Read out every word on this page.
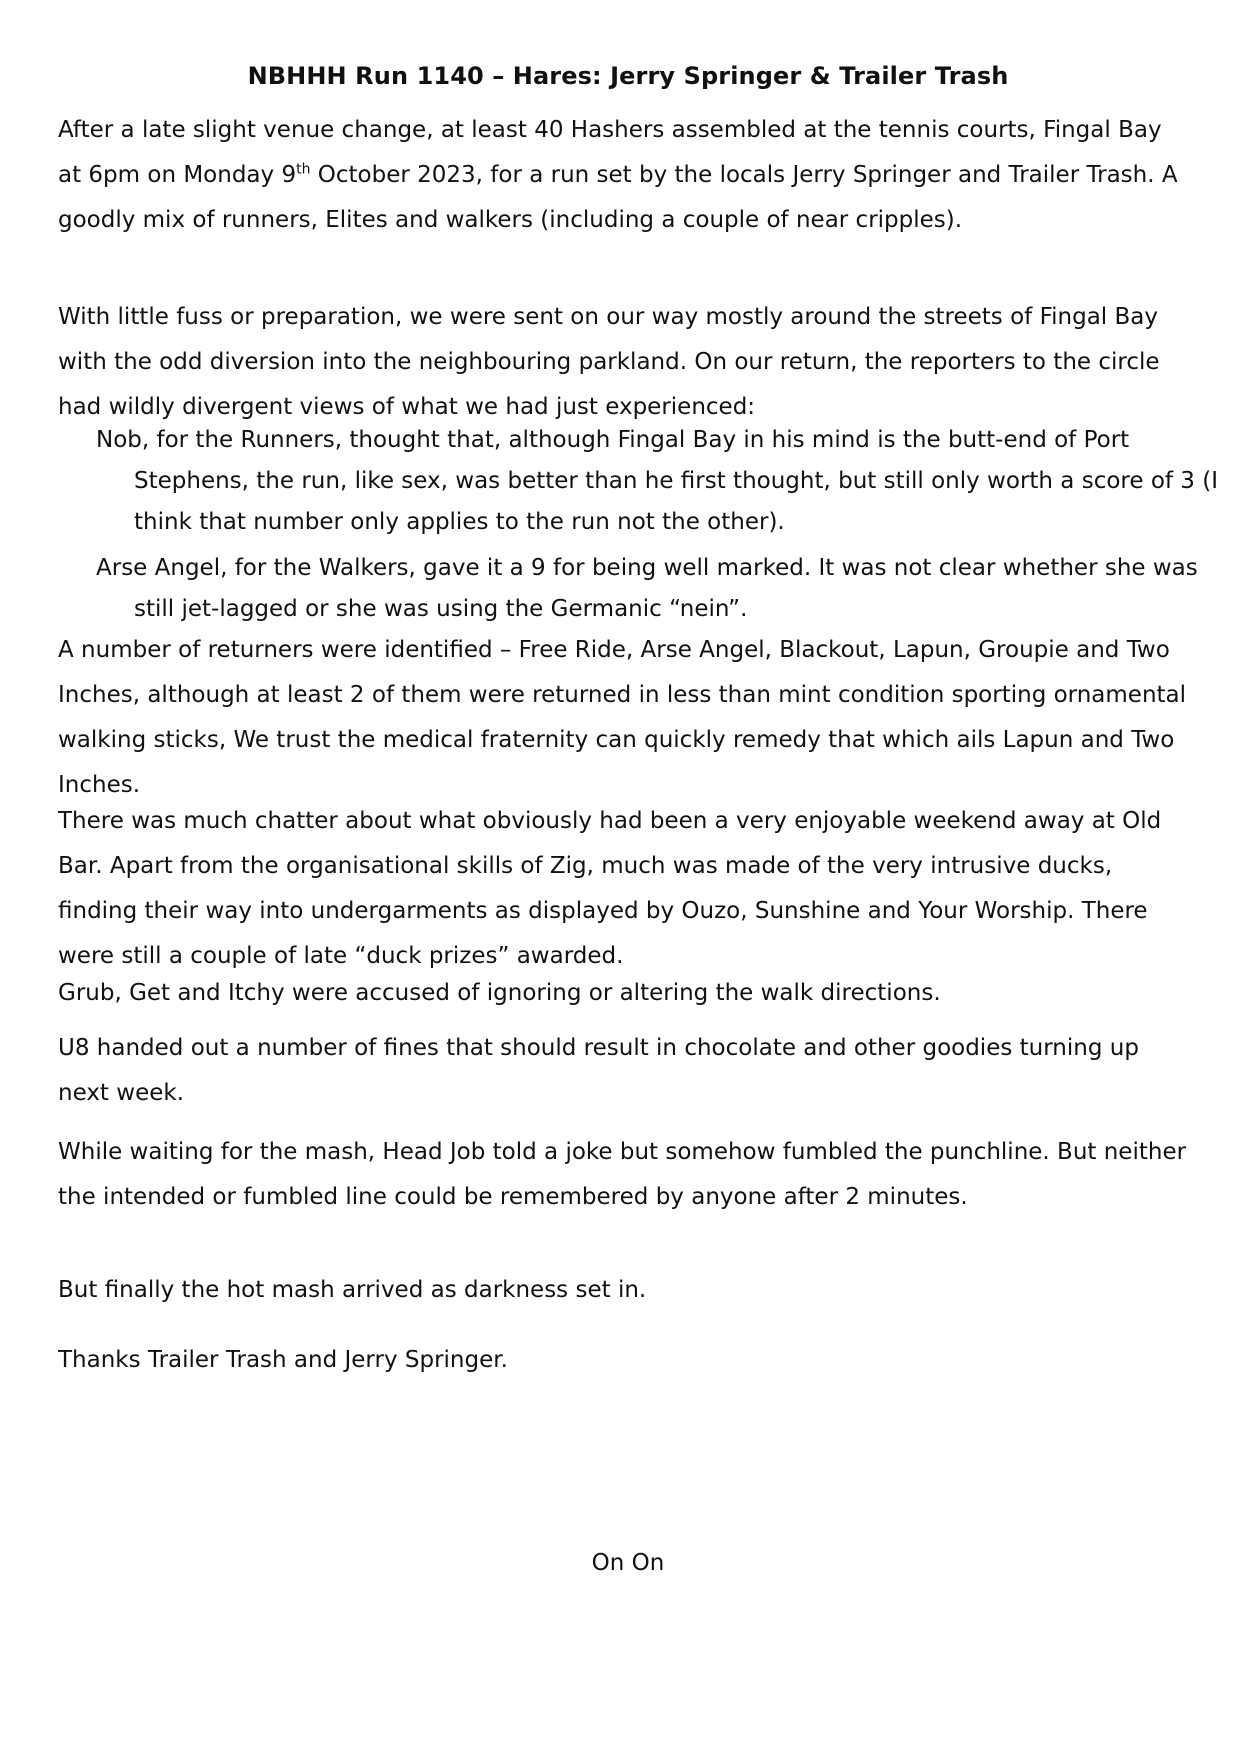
NBHHH Run 1140 – Hares: Jerry Springer & Trailer Trash

After a late slight venue change, at least 40 Hashers assembled at the tennis courts, Fingal Bay at 6pm on Monday 9th October 2023, for a run set by the locals Jerry Springer and Trailer Trash. A goodly mix of runners, Elites and walkers (including a couple of near cripples).

With little fuss or preparation, we were sent on our way mostly around the streets of Fingal Bay with the odd diversion into the neighbouring parkland. On our return, the reporters to the circle had wildly divergent views of what we had just experienced:

Nob, for the Runners, thought that, although Fingal Bay in his mind is the butt-end of Port Stephens, the run, like sex, was better than he first thought, but still only worth a score of 3 (I think that number only applies to the run not the other).

Arse Angel, for the Walkers, gave it a 9 for being well marked. It was not clear whether she was still jet-lagged or she was using the Germanic “nein”.

A number of returners were identified – Free Ride, Arse Angel, Blackout, Lapun, Groupie and Two Inches, although at least 2 of them were returned in less than mint condition sporting ornamental walking sticks, We trust the medical fraternity can quickly remedy that which ails Lapun and Two Inches.

There was much chatter about what obviously had been a very enjoyable weekend away at Old Bar. Apart from the organisational skills of Zig, much was made of the very intrusive ducks, finding their way into undergarments as displayed by Ouzo, Sunshine and Your Worship. There were still a couple of late “duck prizes” awarded.

Grub, Get and Itchy were accused of ignoring or altering the walk directions.

U8 handed out a number of fines that should result in chocolate and other goodies turning up next week.

While waiting for the mash, Head Job told a joke but somehow fumbled the punchline. But neither the intended or fumbled line could be remembered by anyone after 2 minutes.

But finally the hot mash arrived as darkness set in.

Thanks Trailer Trash and Jerry Springer.

On On
